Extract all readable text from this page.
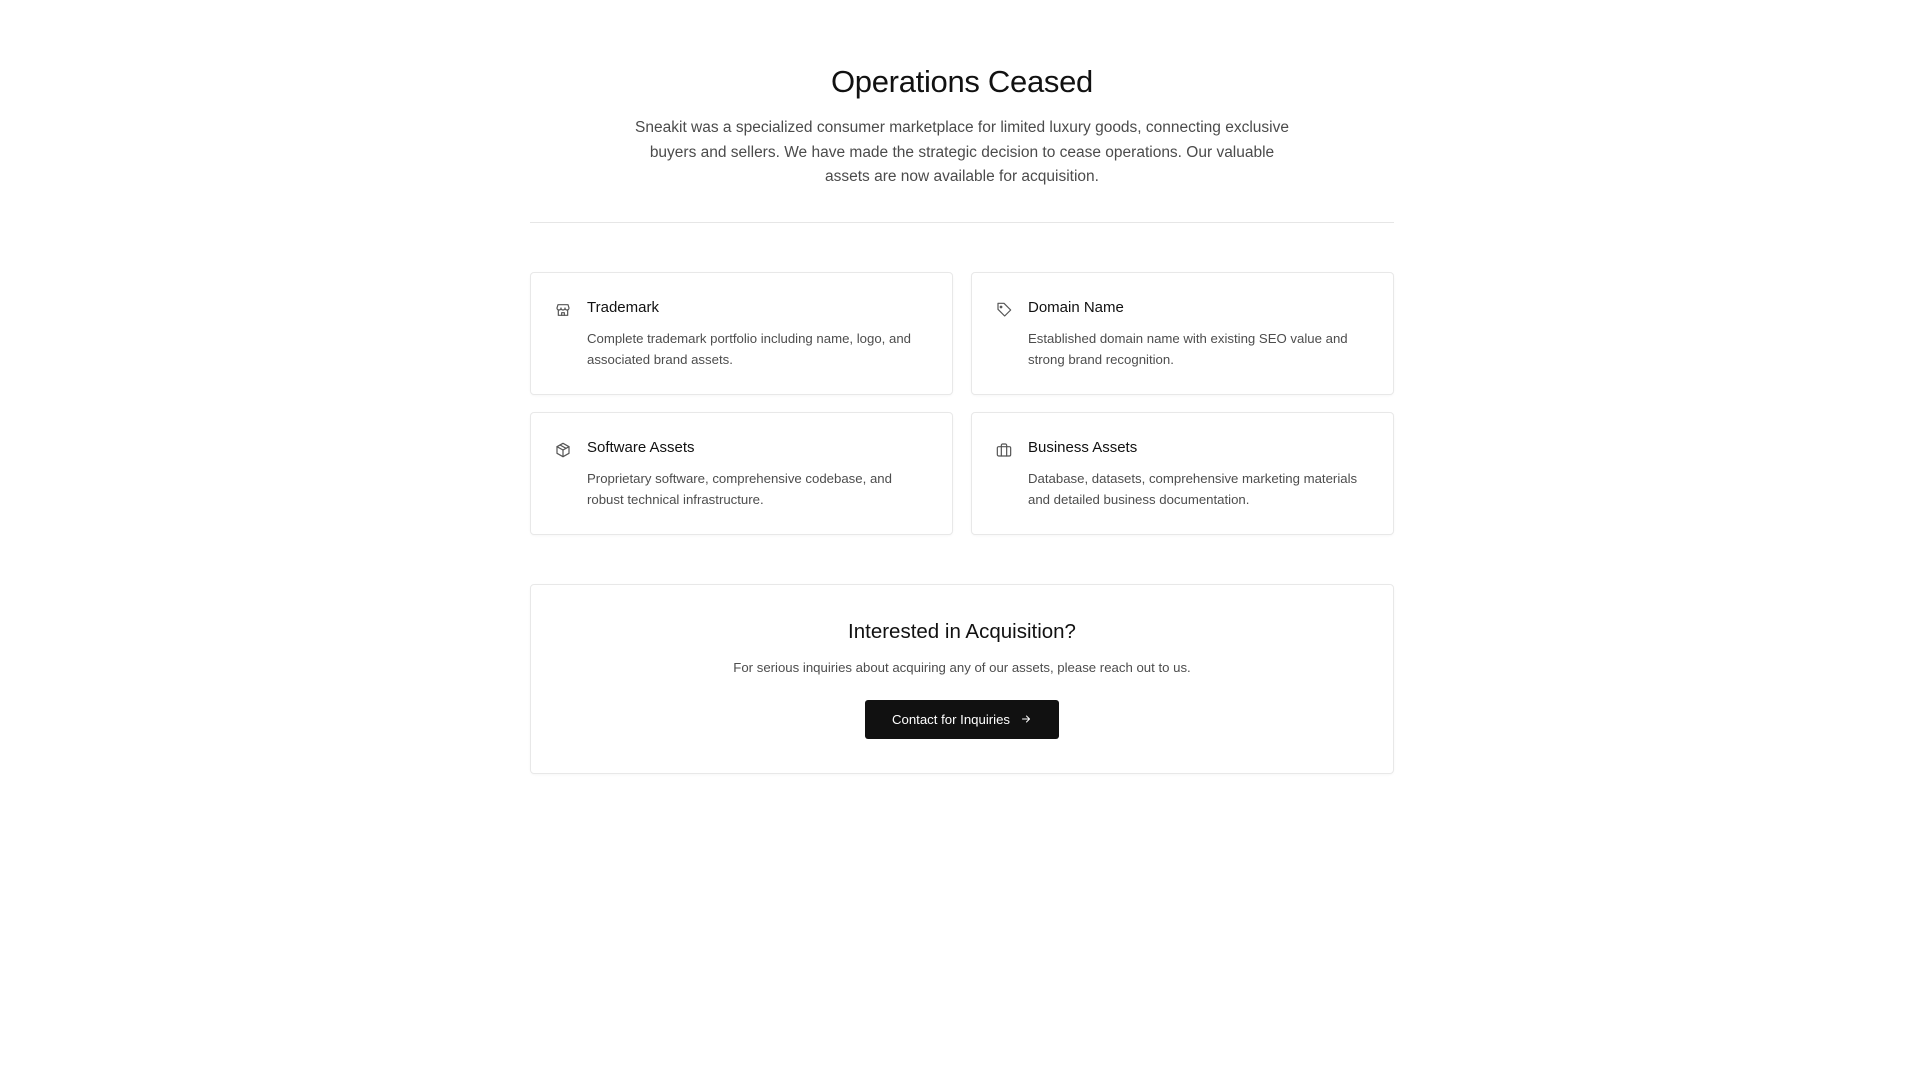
Operations Ceased

Sneakit was a specialized consumer marketplace for limited luxury goods, connecting exclusive buyers and sellers. We have made the strategic decision to cease operations. Our valuable assets are now available for acquisition.

Trademark
Complete trademark portfolio including name, logo, and associated brand assets.
Domain Name
Established domain name with existing SEO value and strong brand recognition.
Software Assets
Proprietary software, comprehensive codebase, and robust technical infrastructure.
Business Assets
Database, datasets, comprehensive marketing materials and detailed business documentation.
Interested in Acquisition?

For serious inquiries about acquiring any of our assets, please reach out to us.

Contact for Inquiries
